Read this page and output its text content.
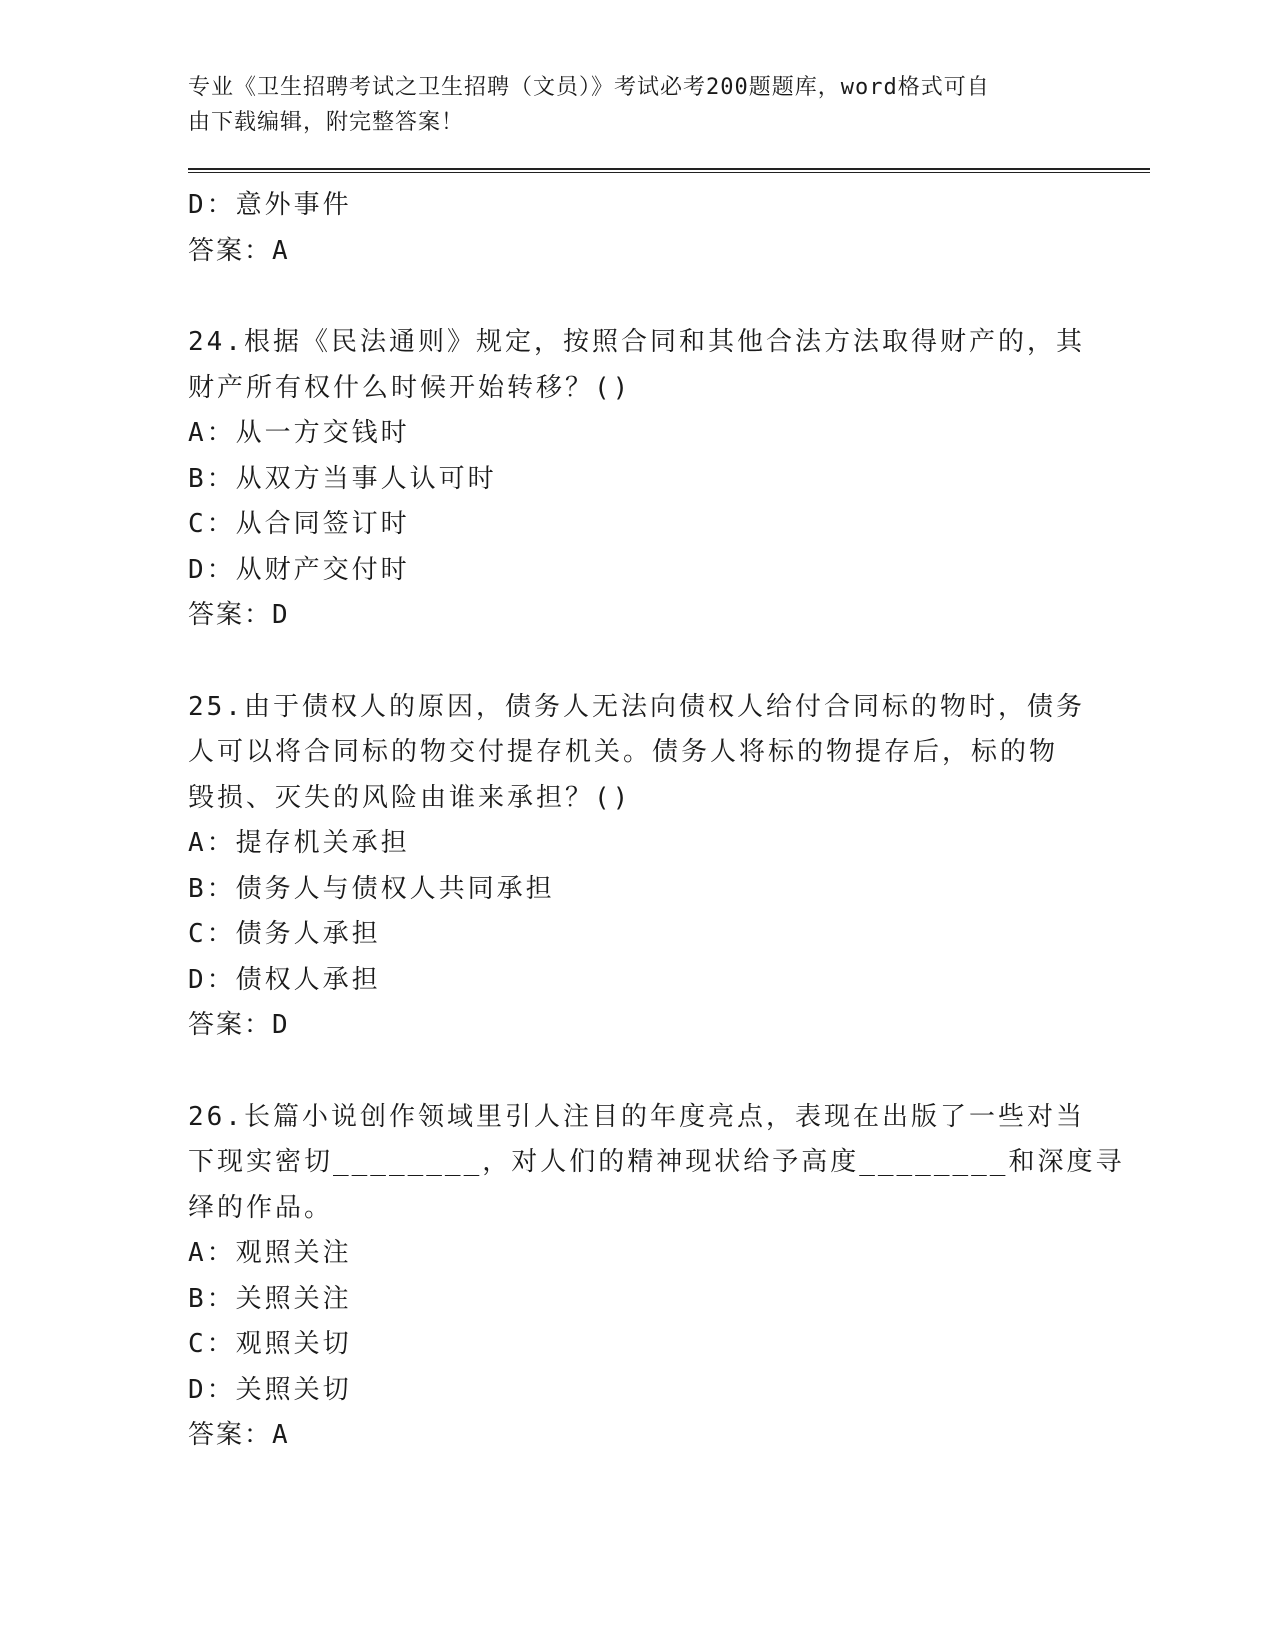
专业《卫生招聘考试之卫生招聘（文员）》考试必考200题题库，word格式可自
由下载编辑，附完整答案！
D：意外事件
答案：A
24.根据《民法通则》规定，按照合同和其他合法方法取得财产的，其
财产所有权什么时候开始转移？()
A：从一方交钱时
B：从双方当事人认可时
C：从合同签订时
D：从财产交付时
答案：D
25.由于债权人的原因，债务人无法向债权人给付合同标的物时，债务
人可以将合同标的物交付提存机关。债务人将标的物提存后，标的物
毁损、灭失的风险由谁来承担？()
A：提存机关承担
B：债务人与债权人共同承担
C：债务人承担
D：债权人承担
答案：D
26.长篇小说创作领域里引人注目的年度亮点，表现在出版了一些对当
下现实密切________，对人们的精神现状给予高度________和深度寻
绎的作品。
A：观照关注
B：关照关注
C：观照关切
D：关照关切
答案：A
